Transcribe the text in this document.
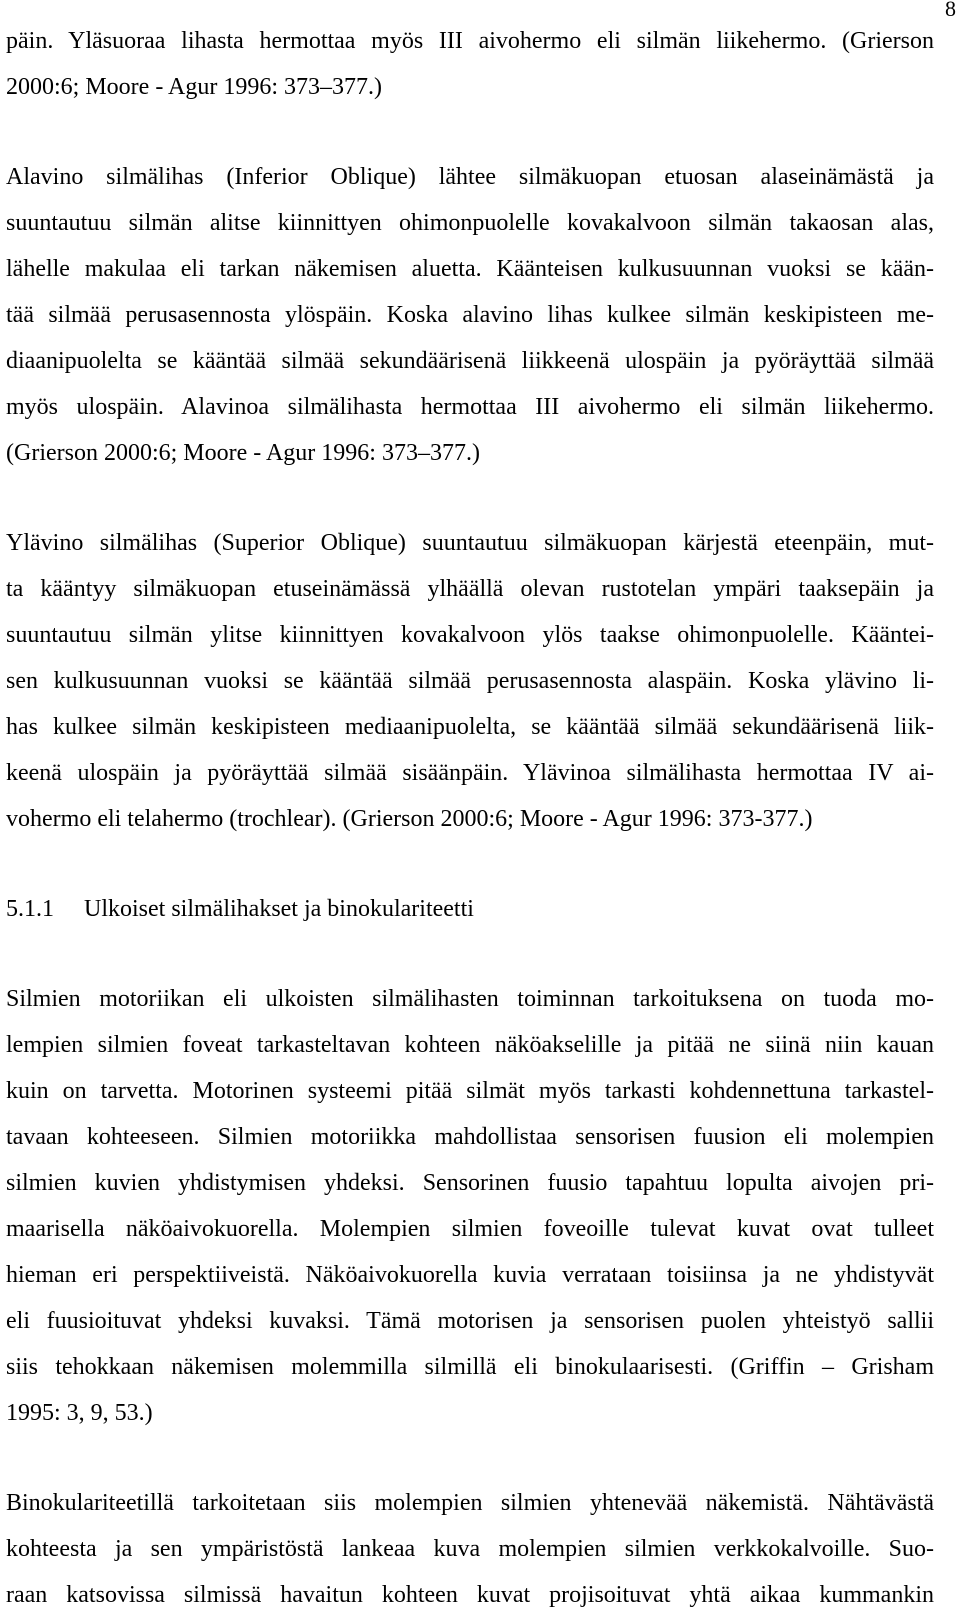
8
päin. Yläsuoraa lihasta hermottaa myös III aivohermo eli silmän liikehermo. (Grierson
2000:6; Moore - Agur 1996: 373–377.)
Alavino silmälihas (Inferior Oblique) lähtee silmäkuopan etuosan alaseinämästä ja
suuntautuu silmän alitse kiinnittyen ohimonpuolelle kovakalvoon silmän takaosan alas,
lähelle makulaa eli tarkan näkemisen aluetta. Käänteisen kulkusuunnan vuoksi se kään-
tää silmää perusasennosta ylöspäin. Koska alavino lihas kulkee silmän keskipisteen me-
diaanipuolelta se kääntää silmää sekundäärisenä liikkeenä ulospäin ja pyöräyttää silmää
myös ulospäin. Alavinoa silmälihasta hermottaa III aivohermo eli silmän liikehermo.
(Grierson 2000:6; Moore - Agur 1996: 373–377.)
Ylävino silmälihas (Superior Oblique) suuntautuu silmäkuopan kärjestä eteenpäin, mut-
ta kääntyy silmäkuopan etuseinämässä ylhäällä olevan rustotelan ympäri taaksepäin ja
suuntautuu silmän ylitse kiinnittyen kovakalvoon ylös taakse ohimonpuolelle. Kääntei-
sen kulkusuunnan vuoksi se kääntää silmää perusasennosta alaspäin. Koska ylävino li-
has kulkee silmän keskipisteen mediaanipuolelta, se kääntää silmää sekundäärisenä liik-
keenä ulospäin ja pyöräyttää silmää sisäänpäin. Ylävinoa silmälihasta hermottaa IV ai-
vohermo eli telahermo (trochlear). (Grierson 2000:6; Moore - Agur 1996: 373-377.)
5.1.1 Ulkoiset silmälihakset ja binokulariteetti
Silmien motoriikan eli ulkoisten silmälihasten toiminnan tarkoituksena on tuoda mo-
lempien silmien foveat tarkasteltavan kohteen näköakselille ja pitää ne siinä niin kauan
kuin on tarvetta. Motorinen systeemi pitää silmät myös tarkasti kohdennettuna tarkastel-
tavaan kohteeseen. Silmien motoriikka mahdollistaa sensorisen fuusion eli molempien
silmien kuvien yhdistymisen yhdeksi. Sensorinen fuusio tapahtuu lopulta aivojen pri-
maarisella näköaivokuorella. Molempien silmien foveoille tulevat kuvat ovat tulleet
hieman eri perspektiiveistä. Näköaivokuorella kuvia verrataan toisiinsa ja ne yhdistyvät
eli fuusioituvat yhdeksi kuvaksi. Tämä motorisen ja sensorisen puolen yhteistyö sallii
siis tehokkaan näkemisen molemmilla silmillä eli binokulaarisesti. (Griffin – Grisham
1995: 3, 9, 53.)
Binokulariteetillä tarkoitetaan siis molempien silmien yhtenevää näkemistä. Nähtävästä
kohteesta ja sen ympäristöstä lankeaa kuva molempien silmien verkkokalvoille. Suo-
raan katsovissa silmissä havaitun kohteen kuvat projisoituvat yhtä aikaa kummankin
